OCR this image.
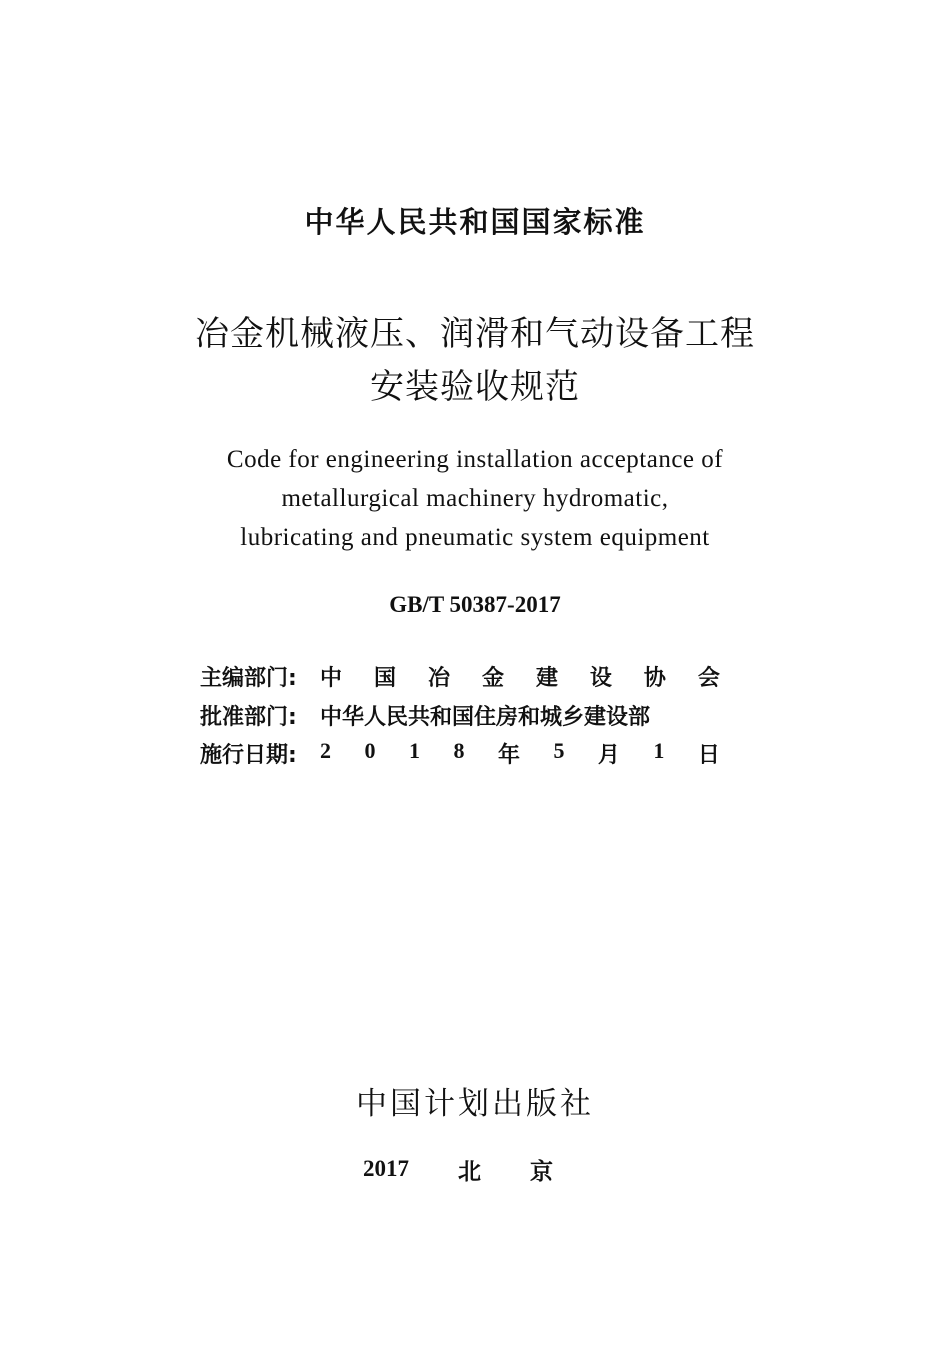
中华人民共和国国家标准
冶金机械液压、润滑和气动设备工程
安装验收规范
Code for engineering installation acceptance of
metallurgical machinery hydromatic,
lubricating and pneumatic system equipment
GB/T 50387-2017
主编部门:	中 国 冶 金 建 设 协 会
批准部门:	中华人民共和国住房和城乡建设部
施行日期:	2 0 1 8 年 5 月 1 日
中国计划出版社
2017 北 京
